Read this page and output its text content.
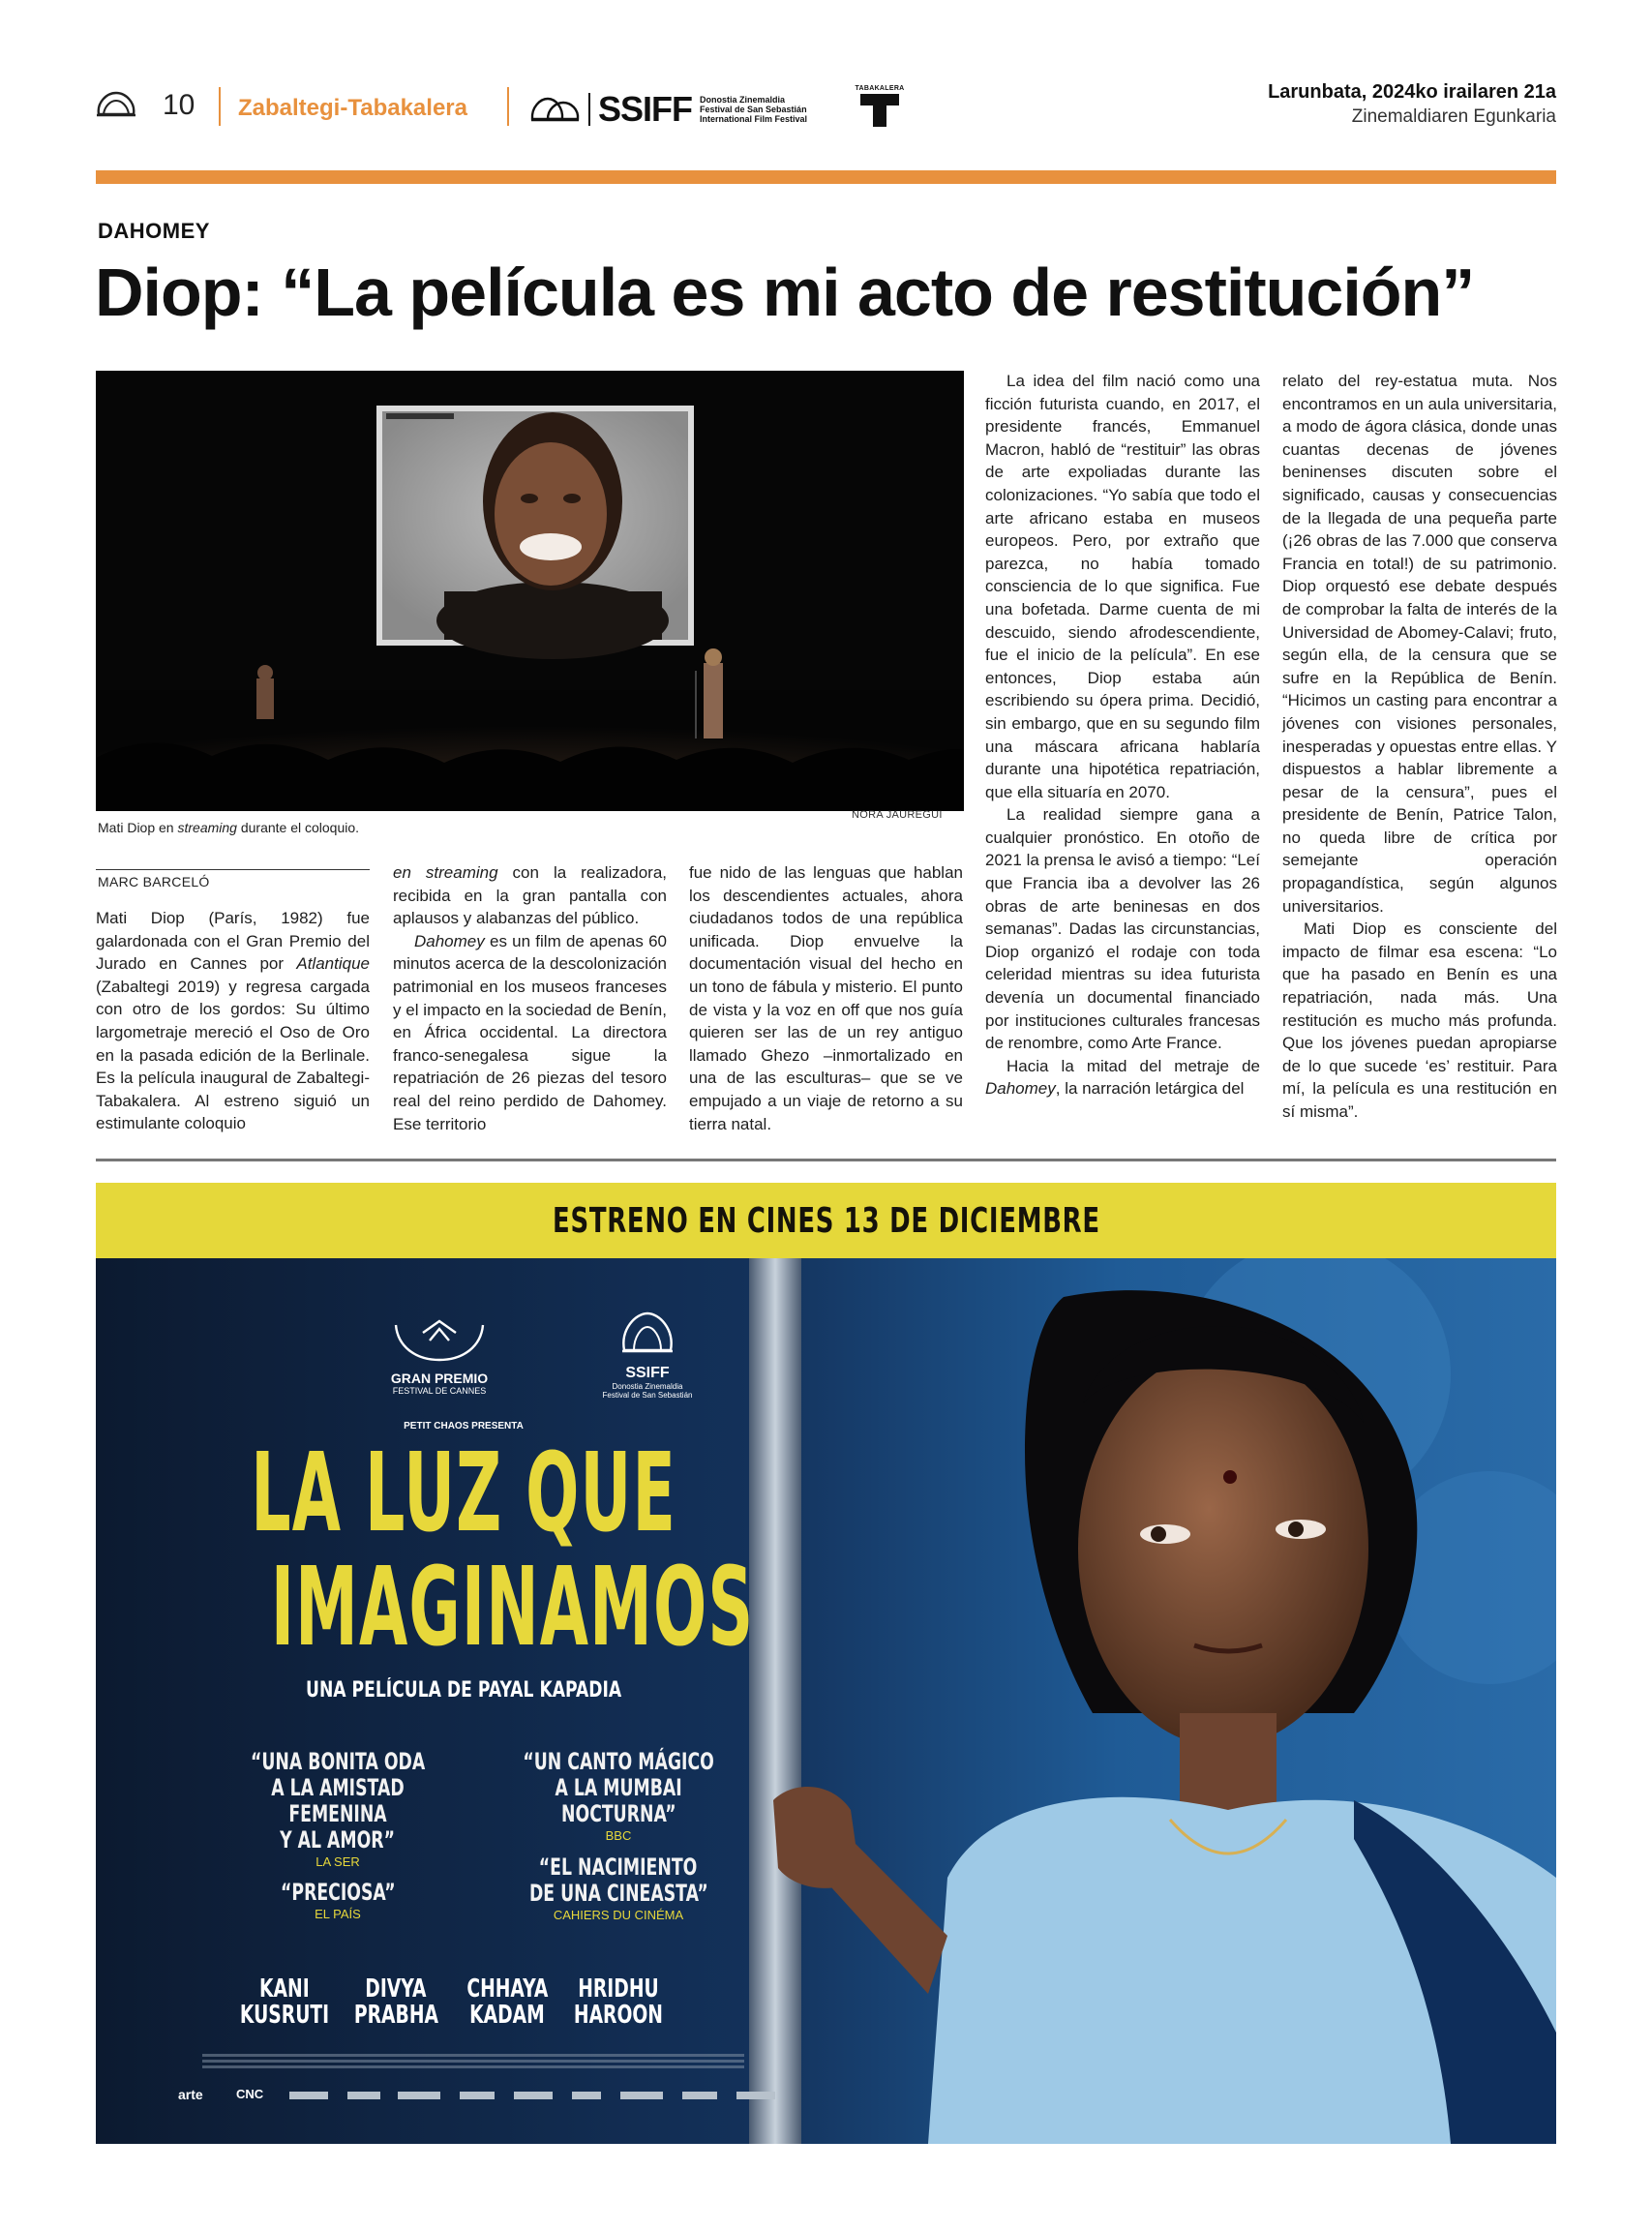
10 Zabaltegi-Tabakalera	SSIFF Donostia Zinemaldia
Festival de San Sebastián
International Film Festival
TABAKALERA	Larunbata, 2024ko irailaren 21a
Zinemaldiaren Egunkaria
DAHOMEY
Diop: “La película es mi acto de restitución”
Mati Diop en streaming durante el coloquio.
NORA JAUREGUI
MARC BARCELÓ

Mati Diop (París, 1982) fue galardonada con el Gran Premio del Jurado en Cannes por Atlantique (Zabaltegi 2019) y regresa cargada con otro de los gordos: Su último largometraje mereció el Oso de Oro en la pasada edición de la Berlinale. Es la película inaugural de Zabaltegi-Tabakalera. Al estreno siguió un estimulante coloquio

en streaming con la realizadora, recibida en la gran pantalla con aplausos y alabanzas del público.

Dahomey es un film de apenas 60 minutos acerca de la descolonización patrimonial en los museos franceses y el impacto en la sociedad de Benín, en África occidental. La directora franco-senegalesa sigue la repatriación de 26 piezas del tesoro real del reino perdido de Dahomey. Ese territorio

fue nido de las lenguas que hablan los descendientes actuales, ahora ciudadanos todos de una república unificada. Diop envuelve la documentación visual del hecho en un tono de fábula y misterio. El punto de vista y la voz en off que nos guía quieren ser las de un rey antiguo llamado Ghezo –inmortalizado en una de las esculturas– que se ve empujado a un viaje de retorno a su tierra natal.

La idea del film nació como una ficción futurista cuando, en 2017, el presidente francés, Emmanuel Macron, habló de “restituir” las obras de arte expoliadas durante las colonizaciones. “Yo sabía que todo el arte africano estaba en museos europeos. Pero, por extraño que parezca, no había tomado consciencia de lo que significa. Fue una bofetada. Darme cuenta de mi descuido, siendo afrodescendiente, fue el inicio de la película”. En ese entonces, Diop estaba aún escribiendo su ópera prima. Decidió, sin embargo, que en su segundo film una máscara africana hablaría durante una hipotética repatriación, que ella situaría en 2070.

La realidad siempre gana a cualquier pronóstico. En otoño de 2021 la prensa le avisó a tiempo: “Leí que Francia iba a devolver las 26 obras de arte beninesas en dos semanas”. Dadas las circunstancias, Diop organizó el rodaje con toda celeridad mientras su idea futurista devenía un documental financiado por instituciones culturales francesas de renombre, como Arte France.

Hacia la mitad del metraje de Dahomey, la narración letárgica del

relato del rey-estatua muta. Nos encontramos en un aula universitaria, a modo de ágora clásica, donde unas cuantas decenas de jóvenes beninenses discuten sobre el significado, causas y consecuencias de la llegada de una pequeña parte (¡26 obras de las 7.000 que conserva Francia en total!) de su patrimonio. Diop orquestó ese debate después de comprobar la falta de interés de la Universidad de Abomey-Calavi; fruto, según ella, de la censura que se sufre en la República de Benín. “Hicimos un casting para encontrar a jóvenes con visiones personales, inesperadas y opuestas entre ellas. Y dispuestos a hablar libremente a pesar de la censura”, pues el presidente de Benín, Patrice Talon, no queda libre de crítica por semejante operación propagandística, según algunos universitarios.

Mati Diop es consciente del impacto de filmar esa escena: “Lo que ha pasado en Benín es una repatriación, nada más. Una restitución es mucho más profunda. Que los jóvenes puedan apropiarse de lo que sucede ‘es’ restituir. Para mí, la película es una restitución en sí misma”.

ESTRENO EN CINES 13 DE DICIEMBRE
GRAN PREMIO
FESTIVAL DE CANNES
SSIFF
Donostia Zinemaldia
Festival de San Sebastián
PETIT CHAOS PRESENTA
LA LUZ QUE
IMAGINAMOS
UNA PELÍCULA DE PAYAL KAPADIA
“UNA BONITA ODA
A LA AMISTAD FEMENINA
Y AL AMOR”
LA SER
“UN CANTO MÁGICO
A LA MUMBAI
NOCTURNA”
BBC
“PRECIOSA”
EL PAÍS
“EL NACIMIENTO
DE UNA CINEASTA”
CAHIERS DU CINÉMA
KANI
KUSRUTI
DIVYA
PRABHA
CHHAYA
KADAM
HRIDHU
HAROON
arte	CNC
